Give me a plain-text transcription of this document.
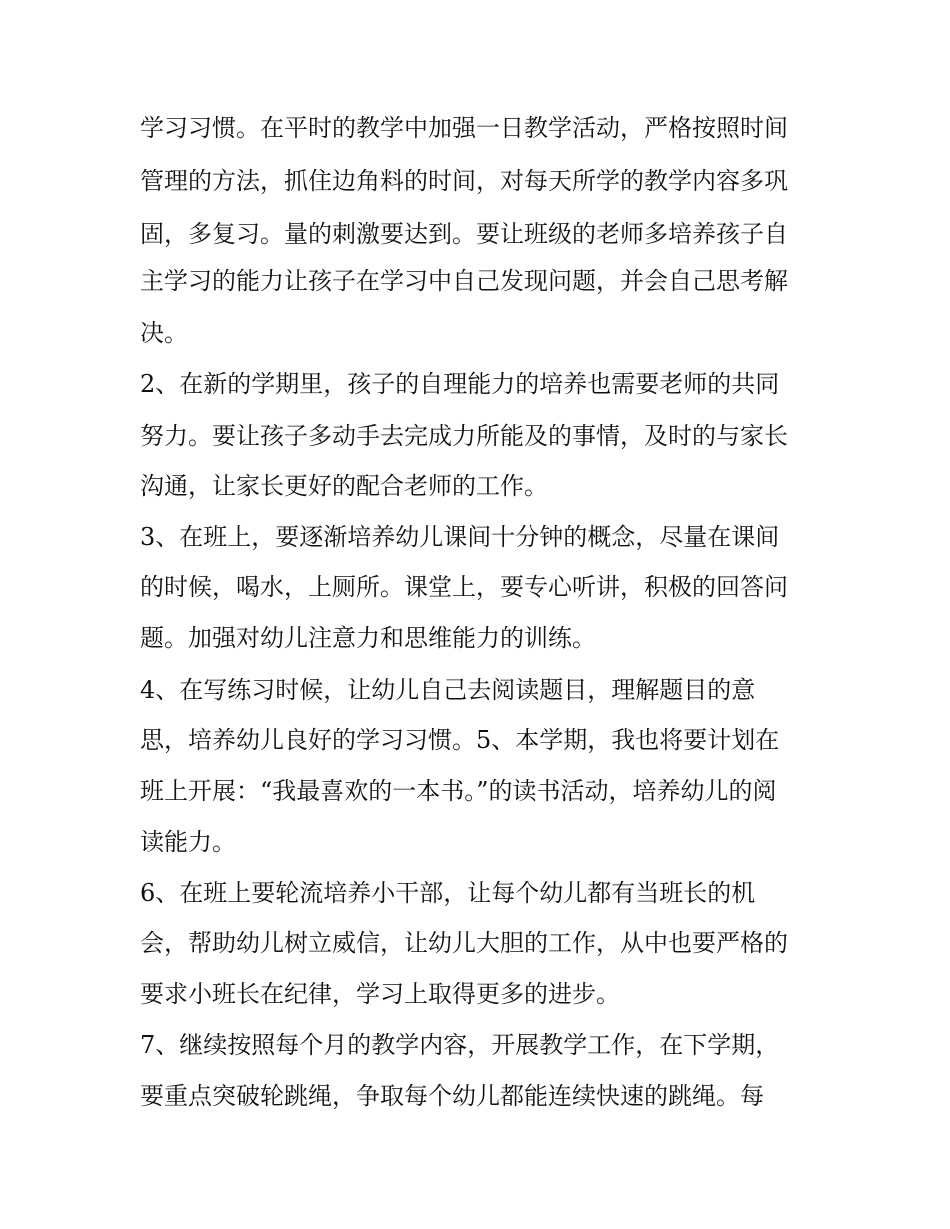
学习习惯。在平时的教学中加强一日教学活动，严格按照时间
管理的方法，抓住边角料的时间，对每天所学的教学内容多巩
固，多复习。量的刺激要达到。要让班级的老师多培养孩子自
主学习的能力让孩子在学习中自己发现问题，并会自己思考解
决。
2、在新的学期里，孩子的自理能力的培养也需要老师的共同
努力。要让孩子多动手去完成力所能及的事情，及时的与家长
沟通，让家长更好的配合老师的工作。
3、在班上，要逐渐培养幼儿课间十分钟的概念，尽量在课间
的时候，喝水，上厕所。课堂上，要专心听讲，积极的回答问
题。加强对幼儿注意力和思维能力的训练。
4、在写练习时候，让幼儿自己去阅读题目，理解题目的意
思，培养幼儿良好的学习习惯。5、本学期，我也将要计划在
班上开展：“我最喜欢的一本书。”的读书活动，培养幼儿的阅
读能力。
6、在班上要轮流培养小干部，让每个幼儿都有当班长的机
会，帮助幼儿树立威信，让幼儿大胆的工作，从中也要严格的
要求小班长在纪律，学习上取得更多的进步。
7、继续按照每个月的教学内容，开展教学工作，在下学期，
要重点突破轮跳绳，争取每个幼儿都能连续快速的跳绳。每
